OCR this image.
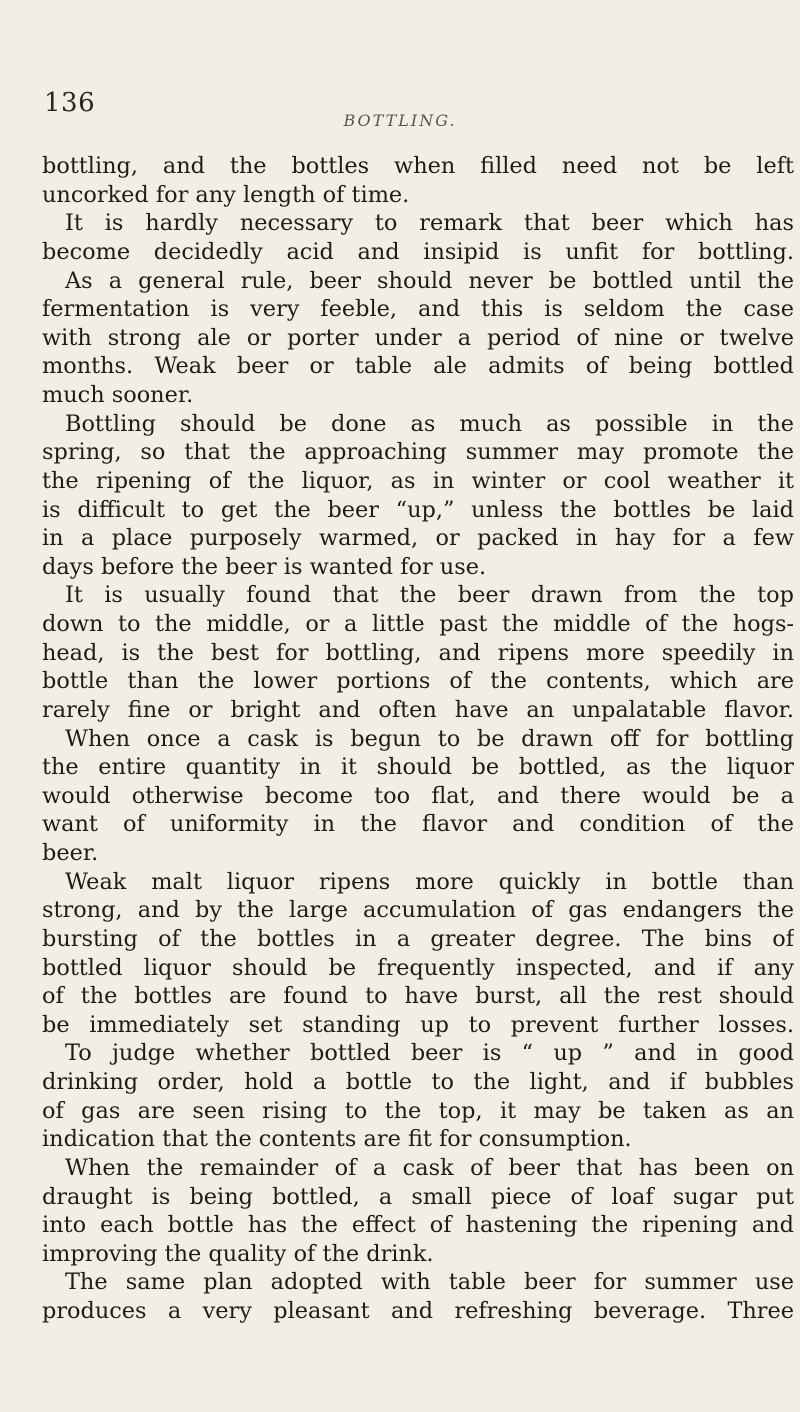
136
BOTTLING.
bottling, and the bottles when filled need not be left
uncorked for any length of time.
It is hardly necessary to remark that beer which has
become decidedly acid and insipid is unfit for bottling.
As a general rule, beer should never be bottled until the
fermentation is very feeble, and this is seldom the case
with strong ale or porter under a period of nine or twelve
months. Weak beer or table ale admits of being bottled
much sooner.
Bottling should be done as much as possible in the
spring, so that the approaching summer may promote the
the ripening of the liquor, as in winter or cool weather it
is difficult to get the beer “up,” unless the bottles be laid
in a place purposely warmed, or packed in hay for a few
days before the beer is wanted for use.
It is usually found that the beer drawn from the top
down to the middle, or a little past the middle of the hogs-
head, is the best for bottling, and ripens more speedily in
bottle than the lower portions of the contents, which are
rarely fine or bright and often have an unpalatable flavor.
When once a cask is begun to be drawn off for bottling
the entire quantity in it should be bottled, as the liquor
would otherwise become too flat, and there would be a
want of uniformity in the flavor and condition of the
beer.
Weak malt liquor ripens more quickly in bottle than
strong, and by the large accumulation of gas endangers the
bursting of the bottles in a greater degree. The bins of
bottled liquor should be frequently inspected, and if any
of the bottles are found to have burst, all the rest should
be immediately set standing up to prevent further losses.
To judge whether bottled beer is “ up ” and in good
drinking order, hold a bottle to the light, and if bubbles
of gas are seen rising to the top, it may be taken as an
indication that the contents are fit for consumption.
When the remainder of a cask of beer that has been on
draught is being bottled, a small piece of loaf sugar put
into each bottle has the effect of hastening the ripening and
improving the quality of the drink.
The same plan adopted with table beer for summer use
produces a very pleasant and refreshing beverage. Three
